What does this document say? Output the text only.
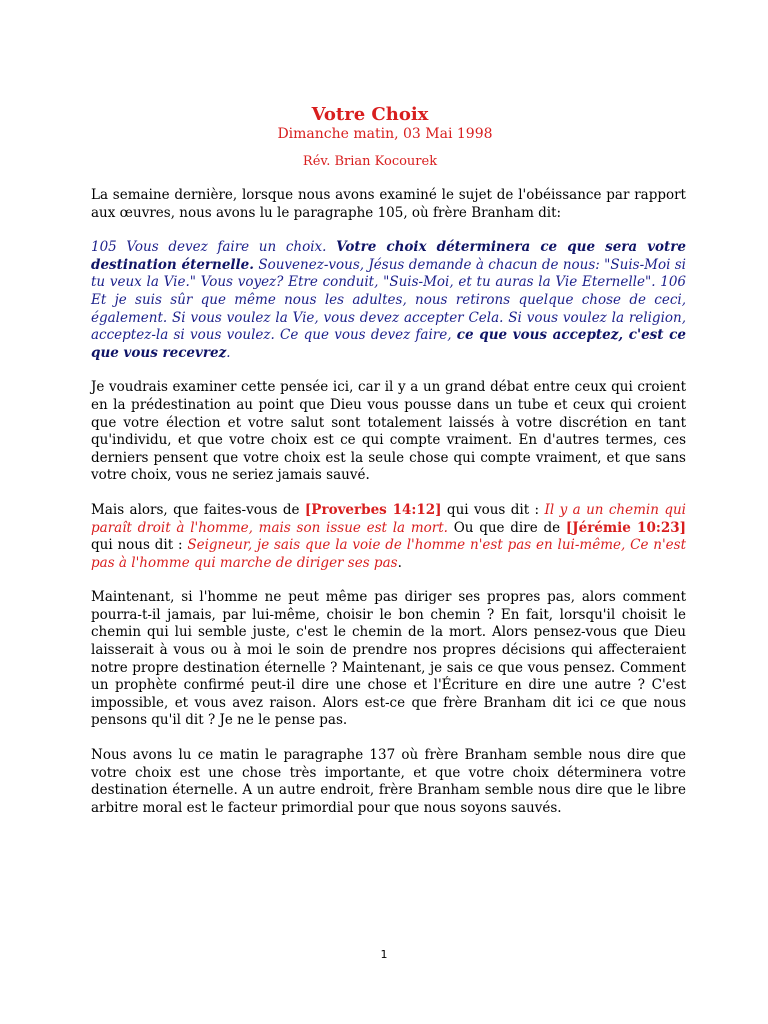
Votre Choix
Dimanche matin, 03 Mai 1998
Rév. Brian Kocourek

La semaine dernière, lorsque nous avons examiné le sujet de l'obéissance par rapport aux œuvres, nous avons lu le paragraphe 105, où frère Branham dit:

105 Vous devez faire un choix. Votre choix déterminera ce que sera votre destination éternelle. Souvenez-vous, Jésus demande à chacun de nous: "Suis-Moi si tu veux la Vie." Vous voyez? Etre conduit, "Suis-Moi, et tu auras la Vie Eternelle". 106 Et je suis sûr que même nous les adultes, nous retirons quelque chose de ceci, également. Si vous voulez la Vie, vous devez accepter Cela. Si vous voulez la religion, acceptez-la si vous voulez. Ce que vous devez faire, ce que vous acceptez, c'est ce que vous recevrez.

Je voudrais examiner cette pensée ici, car il y a un grand débat entre ceux qui croient en la prédestination au point que Dieu vous pousse dans un tube et ceux qui croient que votre élection et votre salut sont totalement laissés à votre discrétion en tant qu'individu, et que votre choix est ce qui compte vraiment. En d'autres termes, ces derniers pensent que votre choix est la seule chose qui compte vraiment, et que sans votre choix, vous ne seriez jamais sauvé.

Mais alors, que faites-vous de [Proverbes 14:12] qui vous dit : Il y a un chemin qui paraît droit à l'homme, mais son issue est la mort. Ou que dire de [Jérémie 10:23] qui nous dit : Seigneur, je sais que la voie de l'homme n'est pas en lui-même, Ce n'est pas à l'homme qui marche de diriger ses pas.

Maintenant, si l'homme ne peut même pas diriger ses propres pas, alors comment pourra-t-il jamais, par lui-même, choisir le bon chemin ? En fait, lorsqu'il choisit le chemin qui lui semble juste, c'est le chemin de la mort. Alors pensez-vous que Dieu laisserait à vous ou à moi le soin de prendre nos propres décisions qui affecteraient notre propre destination éternelle ? Maintenant, je sais ce que vous pensez. Comment un prophète confirmé peut-il dire une chose et l'Écriture en dire une autre ? C'est impossible, et vous avez raison. Alors est-ce que frère Branham dit ici ce que nous pensons qu'il dit ? Je ne le pense pas.

Nous avons lu ce matin le paragraphe 137 où frère Branham semble nous dire que votre choix est une chose très importante, et que votre choix déterminera votre destination éternelle. A un autre endroit, frère Branham semble nous dire que le libre arbitre moral est le facteur primordial pour que nous soyons sauvés.

1
